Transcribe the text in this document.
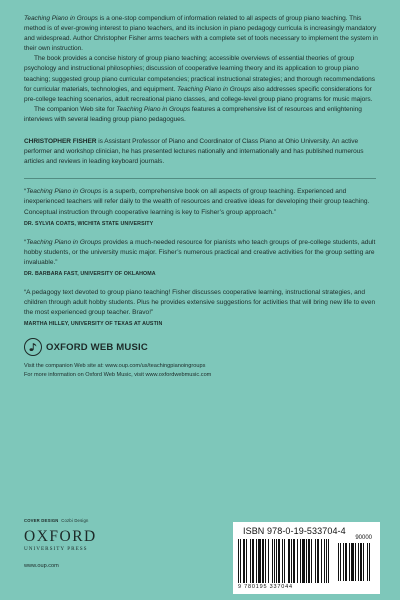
Teaching Piano in Groups is a one-stop compendium of information related to all aspects of group piano teaching. This method is of ever-growing interest to piano teachers, and its inclusion in piano pedagogy curricula is increasingly mandatory and widespread. Author Christopher Fisher arms teachers with a complete set of tools necessary to implement the system in their own instruction.

The book provides a concise history of group piano teaching; accessible overviews of essential theories of group psychology and instructional philosophies; discussion of cooperative learning theory and its application to group piano teaching; suggested group piano curricular competencies; practical instructional strategies; and thorough recommendations for curricular materials, technologies, and equipment. Teaching Piano in Groups also addresses specific considerations for pre-college teaching scenarios, adult recreational piano classes, and college-level group piano programs for music majors.

The companion Web site for Teaching Piano in Groups features a comprehensive list of resources and enlightening interviews with several leading group piano pedagogues.

CHRISTOPHER FISHER is Assistant Professor of Piano and Coordinator of Class Piano at Ohio University. An active performer and workshop clinician, he has presented lectures nationally and internationally and has published numerous articles and reviews in leading keyboard journals.

“Teaching Piano in Groups is a superb, comprehensive book on all aspects of group teaching. Experienced and inexperienced teachers will refer daily to the wealth of resources and creative ideas for developing their group teaching. Conceptual instruction through cooperative learning is key to Fisher’s group approach.”

DR. SYLVIA COATS, WICHITA STATE UNIVERSITY

“Teaching Piano in Groups provides a much-needed resource for pianists who teach groups of pre-college students, adult hobby students, or the university music major. Fisher’s numerous practical and creative activities for the group setting are invaluable.”

DR. BARBARA FAST, UNIVERSITY OF OKLAHOMA

“A pedagogy text devoted to group piano teaching! Fisher discusses cooperative learning, instructional strategies, and children through adult hobby students. Plus he provides extensive suggestions for activities that will bring new life to even the most experienced group teacher. Bravo!”

MARTHA HILLEY, UNIVERSITY OF TEXAS AT AUSTIN

OXFORD WEB MUSIC
Visit the companion Web site at: www.oup.com/us/teachingpianoingroups
For more information on Oxford Web Music, visit www.oxfordwebmusic.com
COVER DESIGN Cozbi Design
OXFORD
UNIVERSITY PRESS
www.oup.com
ISBN 978-0-19-533704-4
90000
9 780195 337044
